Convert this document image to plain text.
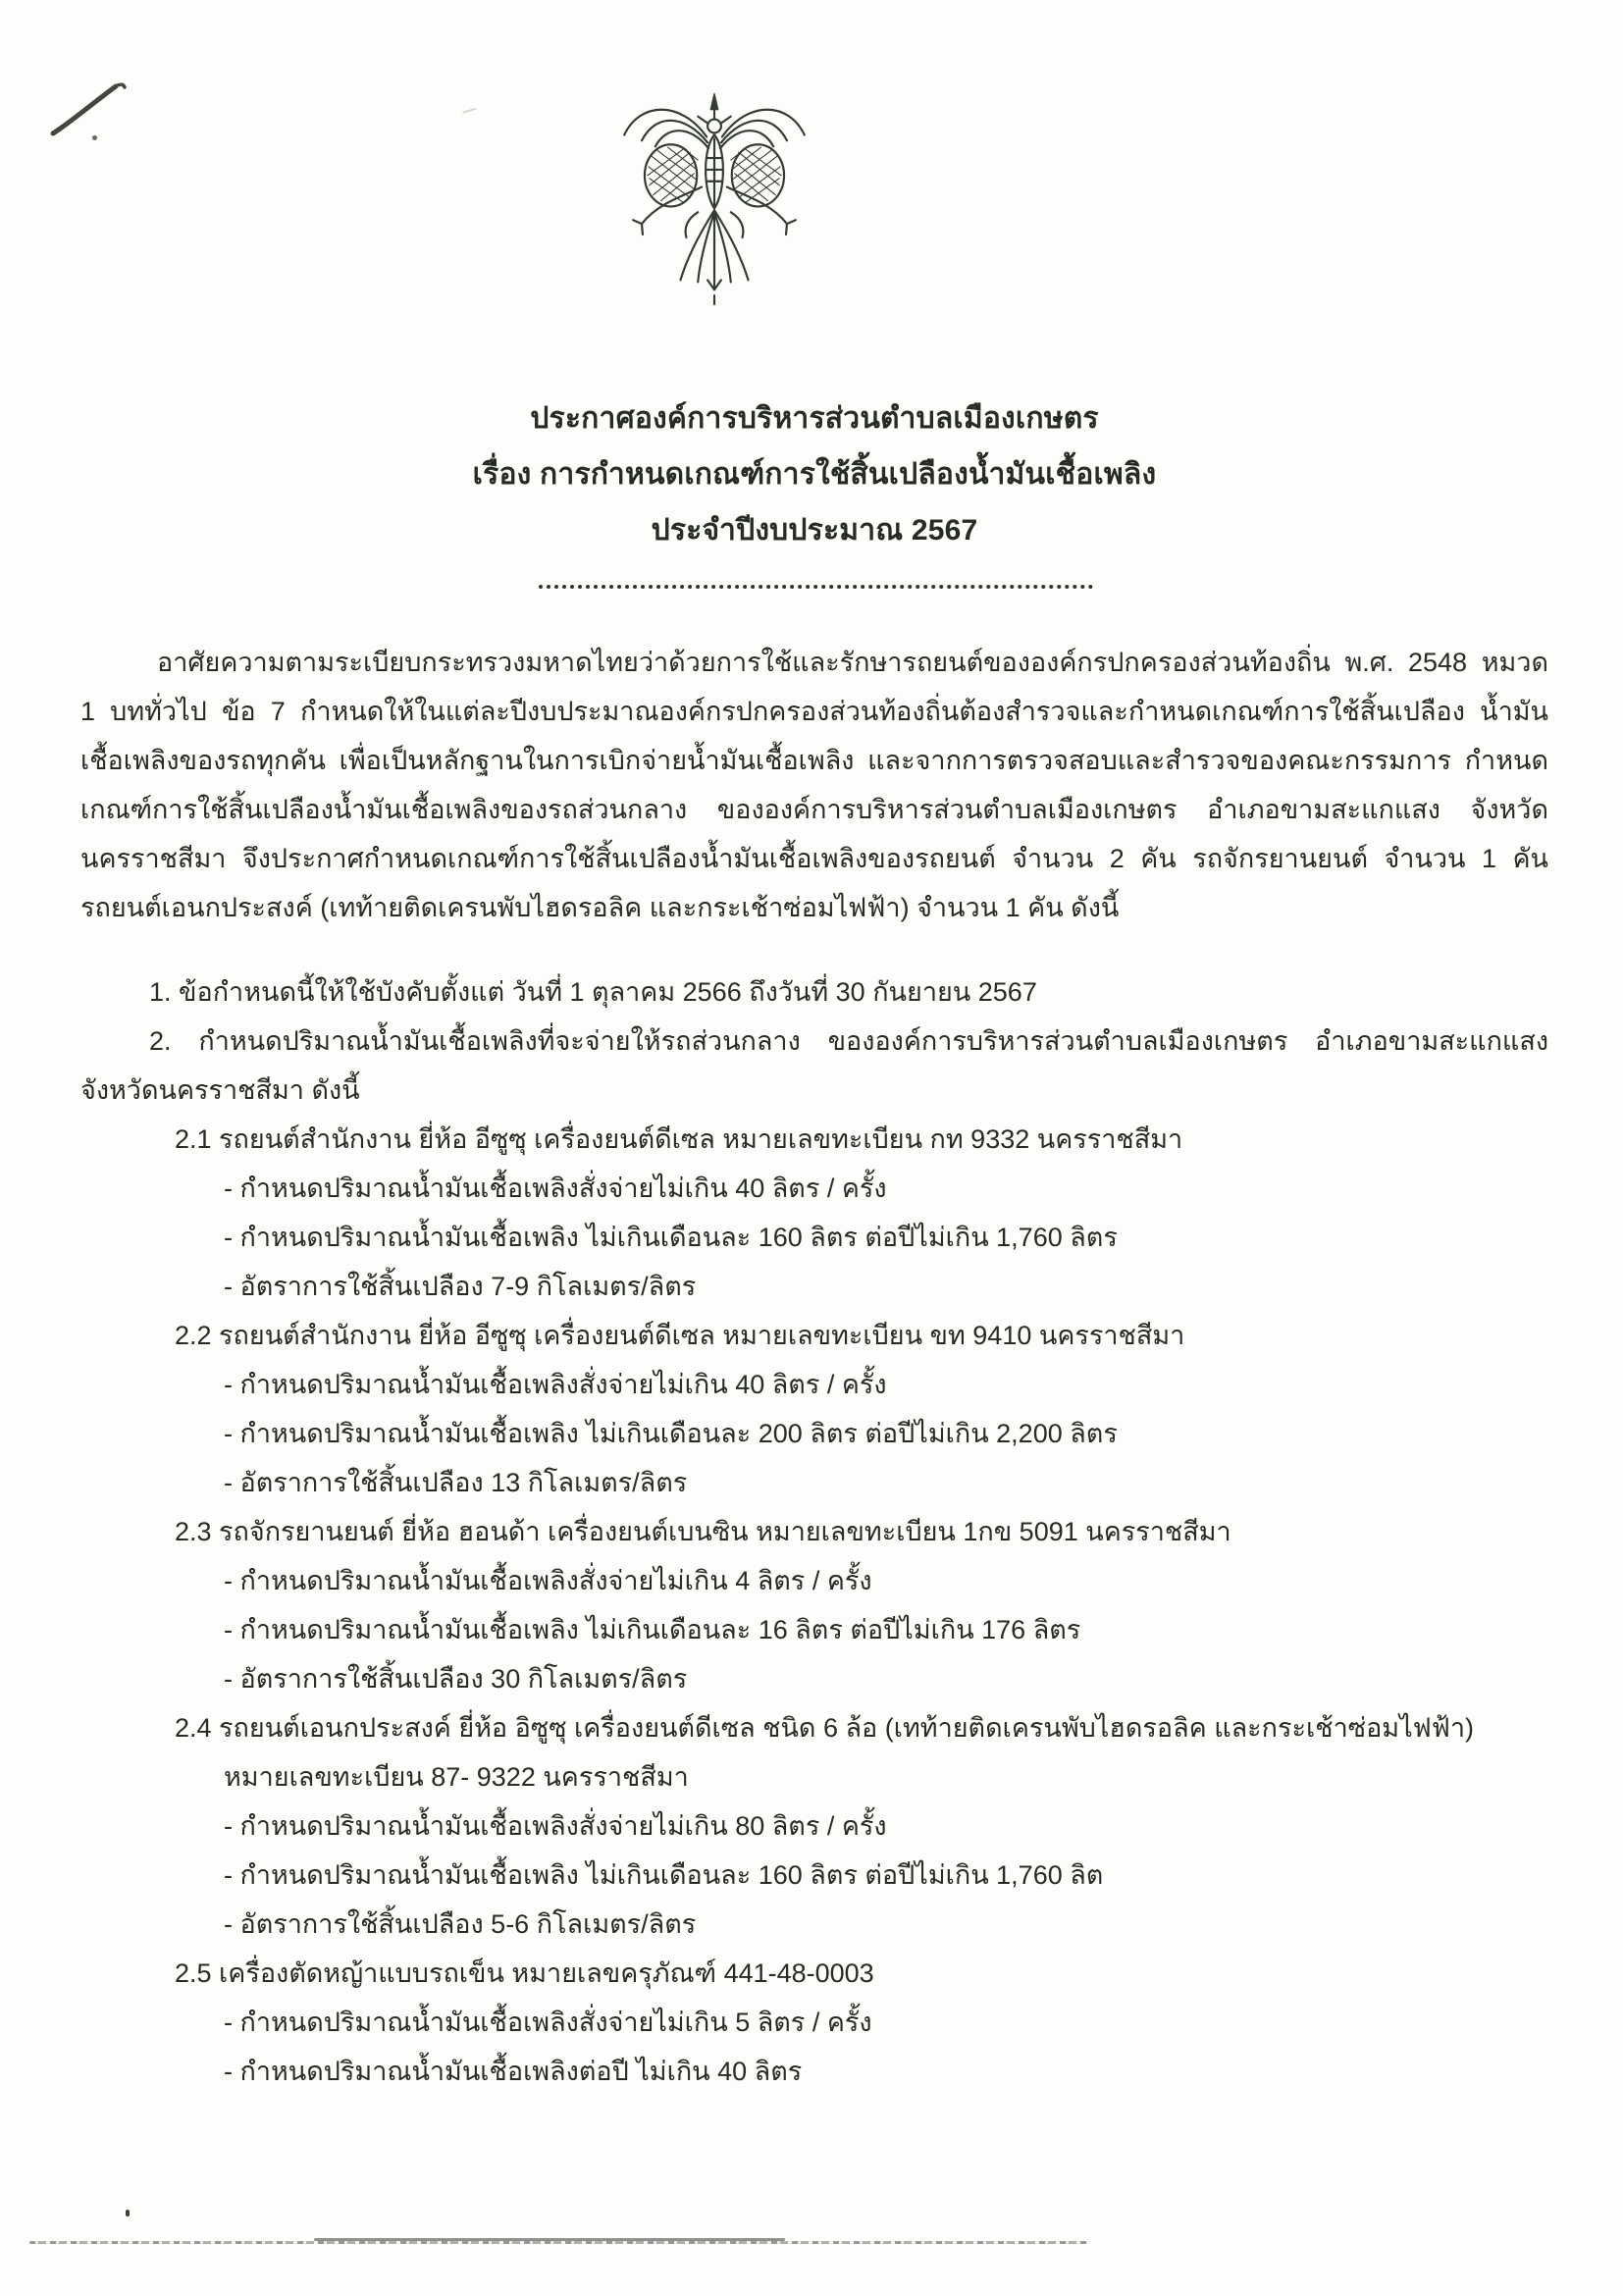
ประกาศองค์การบริหารส่วนตำบลเมืองเกษตร
เรื่อง การกำหนดเกณฑ์การใช้สิ้นเปลืองน้ำมันเชื้อเพลิง
ประจำปีงบประมาณ 2567

อาศัยความตามระเบียบกระทรวงมหาดไทยว่าด้วยการใช้และรักษารถยนต์ขององค์กรปกครองส่วนท้องถิ่น พ.ศ. 2548 หมวด 1 บททั่วไป ข้อ 7 กำหนดให้ในแต่ละปีงบประมาณองค์กรปกครองส่วนท้องถิ่นต้องสำรวจและกำหนดเกณฑ์การใช้สิ้นเปลือง น้ำมันเชื้อเพลิงของรถทุกคัน เพื่อเป็นหลักฐานในการเบิกจ่ายน้ำมันเชื้อเพลิง และจากการตรวจสอบและสำรวจของคณะกรรมการ กำหนดเกณฑ์การใช้สิ้นเปลืองน้ำมันเชื้อเพลิงของรถส่วนกลาง ขององค์การบริหารส่วนตำบลเมืองเกษตร อำเภอขามสะแกแสง จังหวัดนครราชสีมา จึงประกาศกำหนดเกณฑ์การใช้สิ้นเปลืองน้ำมันเชื้อเพลิงของรถยนต์ จำนวน 2 คัน รถจักรยานยนต์ จำนวน 1 คัน รถยนต์เอนกประสงค์ (เทท้ายติดเครนพับไฮดรอลิค และกระเช้าซ่อมไฟฟ้า) จำนวน 1 คัน ดังนี้

1. ข้อกำหนดนี้ให้ใช้บังคับตั้งแต่ วันที่ 1 ตุลาคม 2566 ถึงวันที่ 30 กันยายน 2567

2. กำหนดปริมาณน้ำมันเชื้อเพลิงที่จะจ่ายให้รถส่วนกลาง ขององค์การบริหารส่วนตำบลเมืองเกษตร อำเภอขามสะแกแสง จังหวัดนครราชสีมา ดังนี้

2.1 รถยนต์สำนักงาน ยี่ห้อ อีซูซุ เครื่องยนต์ดีเซล หมายเลขทะเบียน กท 9332 นครราชสีมา

- กำหนดปริมาณน้ำมันเชื้อเพลิงสั่งจ่ายไม่เกิน 40 ลิตร / ครั้ง

- กำหนดปริมาณน้ำมันเชื้อเพลิง ไม่เกินเดือนละ 160 ลิตร ต่อปีไม่เกิน 1,760 ลิตร

- อัตราการใช้สิ้นเปลือง 7-9 กิโลเมตร/ลิตร

2.2 รถยนต์สำนักงาน ยี่ห้อ อีซูซุ เครื่องยนต์ดีเซล หมายเลขทะเบียน ขท 9410 นครราชสีมา

- กำหนดปริมาณน้ำมันเชื้อเพลิงสั่งจ่ายไม่เกิน 40 ลิตร / ครั้ง

- กำหนดปริมาณน้ำมันเชื้อเพลิง ไม่เกินเดือนละ 200 ลิตร ต่อปีไม่เกิน 2,200 ลิตร

- อัตราการใช้สิ้นเปลือง 13 กิโลเมตร/ลิตร

2.3 รถจักรยานยนต์ ยี่ห้อ ฮอนด้า เครื่องยนต์เบนซิน หมายเลขทะเบียน 1กข 5091 นครราชสีมา

- กำหนดปริมาณน้ำมันเชื้อเพลิงสั่งจ่ายไม่เกิน 4 ลิตร / ครั้ง

- กำหนดปริมาณน้ำมันเชื้อเพลิง ไม่เกินเดือนละ 16 ลิตร ต่อปีไม่เกิน 176 ลิตร

- อัตราการใช้สิ้นเปลือง 30 กิโลเมตร/ลิตร

2.4 รถยนต์เอนกประสงค์ ยี่ห้อ อิซูซุ เครื่องยนต์ดีเซล ชนิด 6 ล้อ (เทท้ายติดเครนพับไฮดรอลิค และกระเช้าซ่อมไฟฟ้า) หมายเลขทะเบียน 87- 9322 นครราชสีมา

- กำหนดปริมาณน้ำมันเชื้อเพลิงสั่งจ่ายไม่เกิน 80 ลิตร / ครั้ง

- กำหนดปริมาณน้ำมันเชื้อเพลิง ไม่เกินเดือนละ 160 ลิตร ต่อปีไม่เกิน 1,760 ลิต

- อัตราการใช้สิ้นเปลือง 5-6 กิโลเมตร/ลิตร

2.5 เครื่องตัดหญ้าแบบรถเข็น หมายเลขครุภัณฑ์ 441-48-0003

- กำหนดปริมาณน้ำมันเชื้อเพลิงสั่งจ่ายไม่เกิน 5 ลิตร / ครั้ง

- กำหนดปริมาณน้ำมันเชื้อเพลิงต่อปี ไม่เกิน 40 ลิตร
